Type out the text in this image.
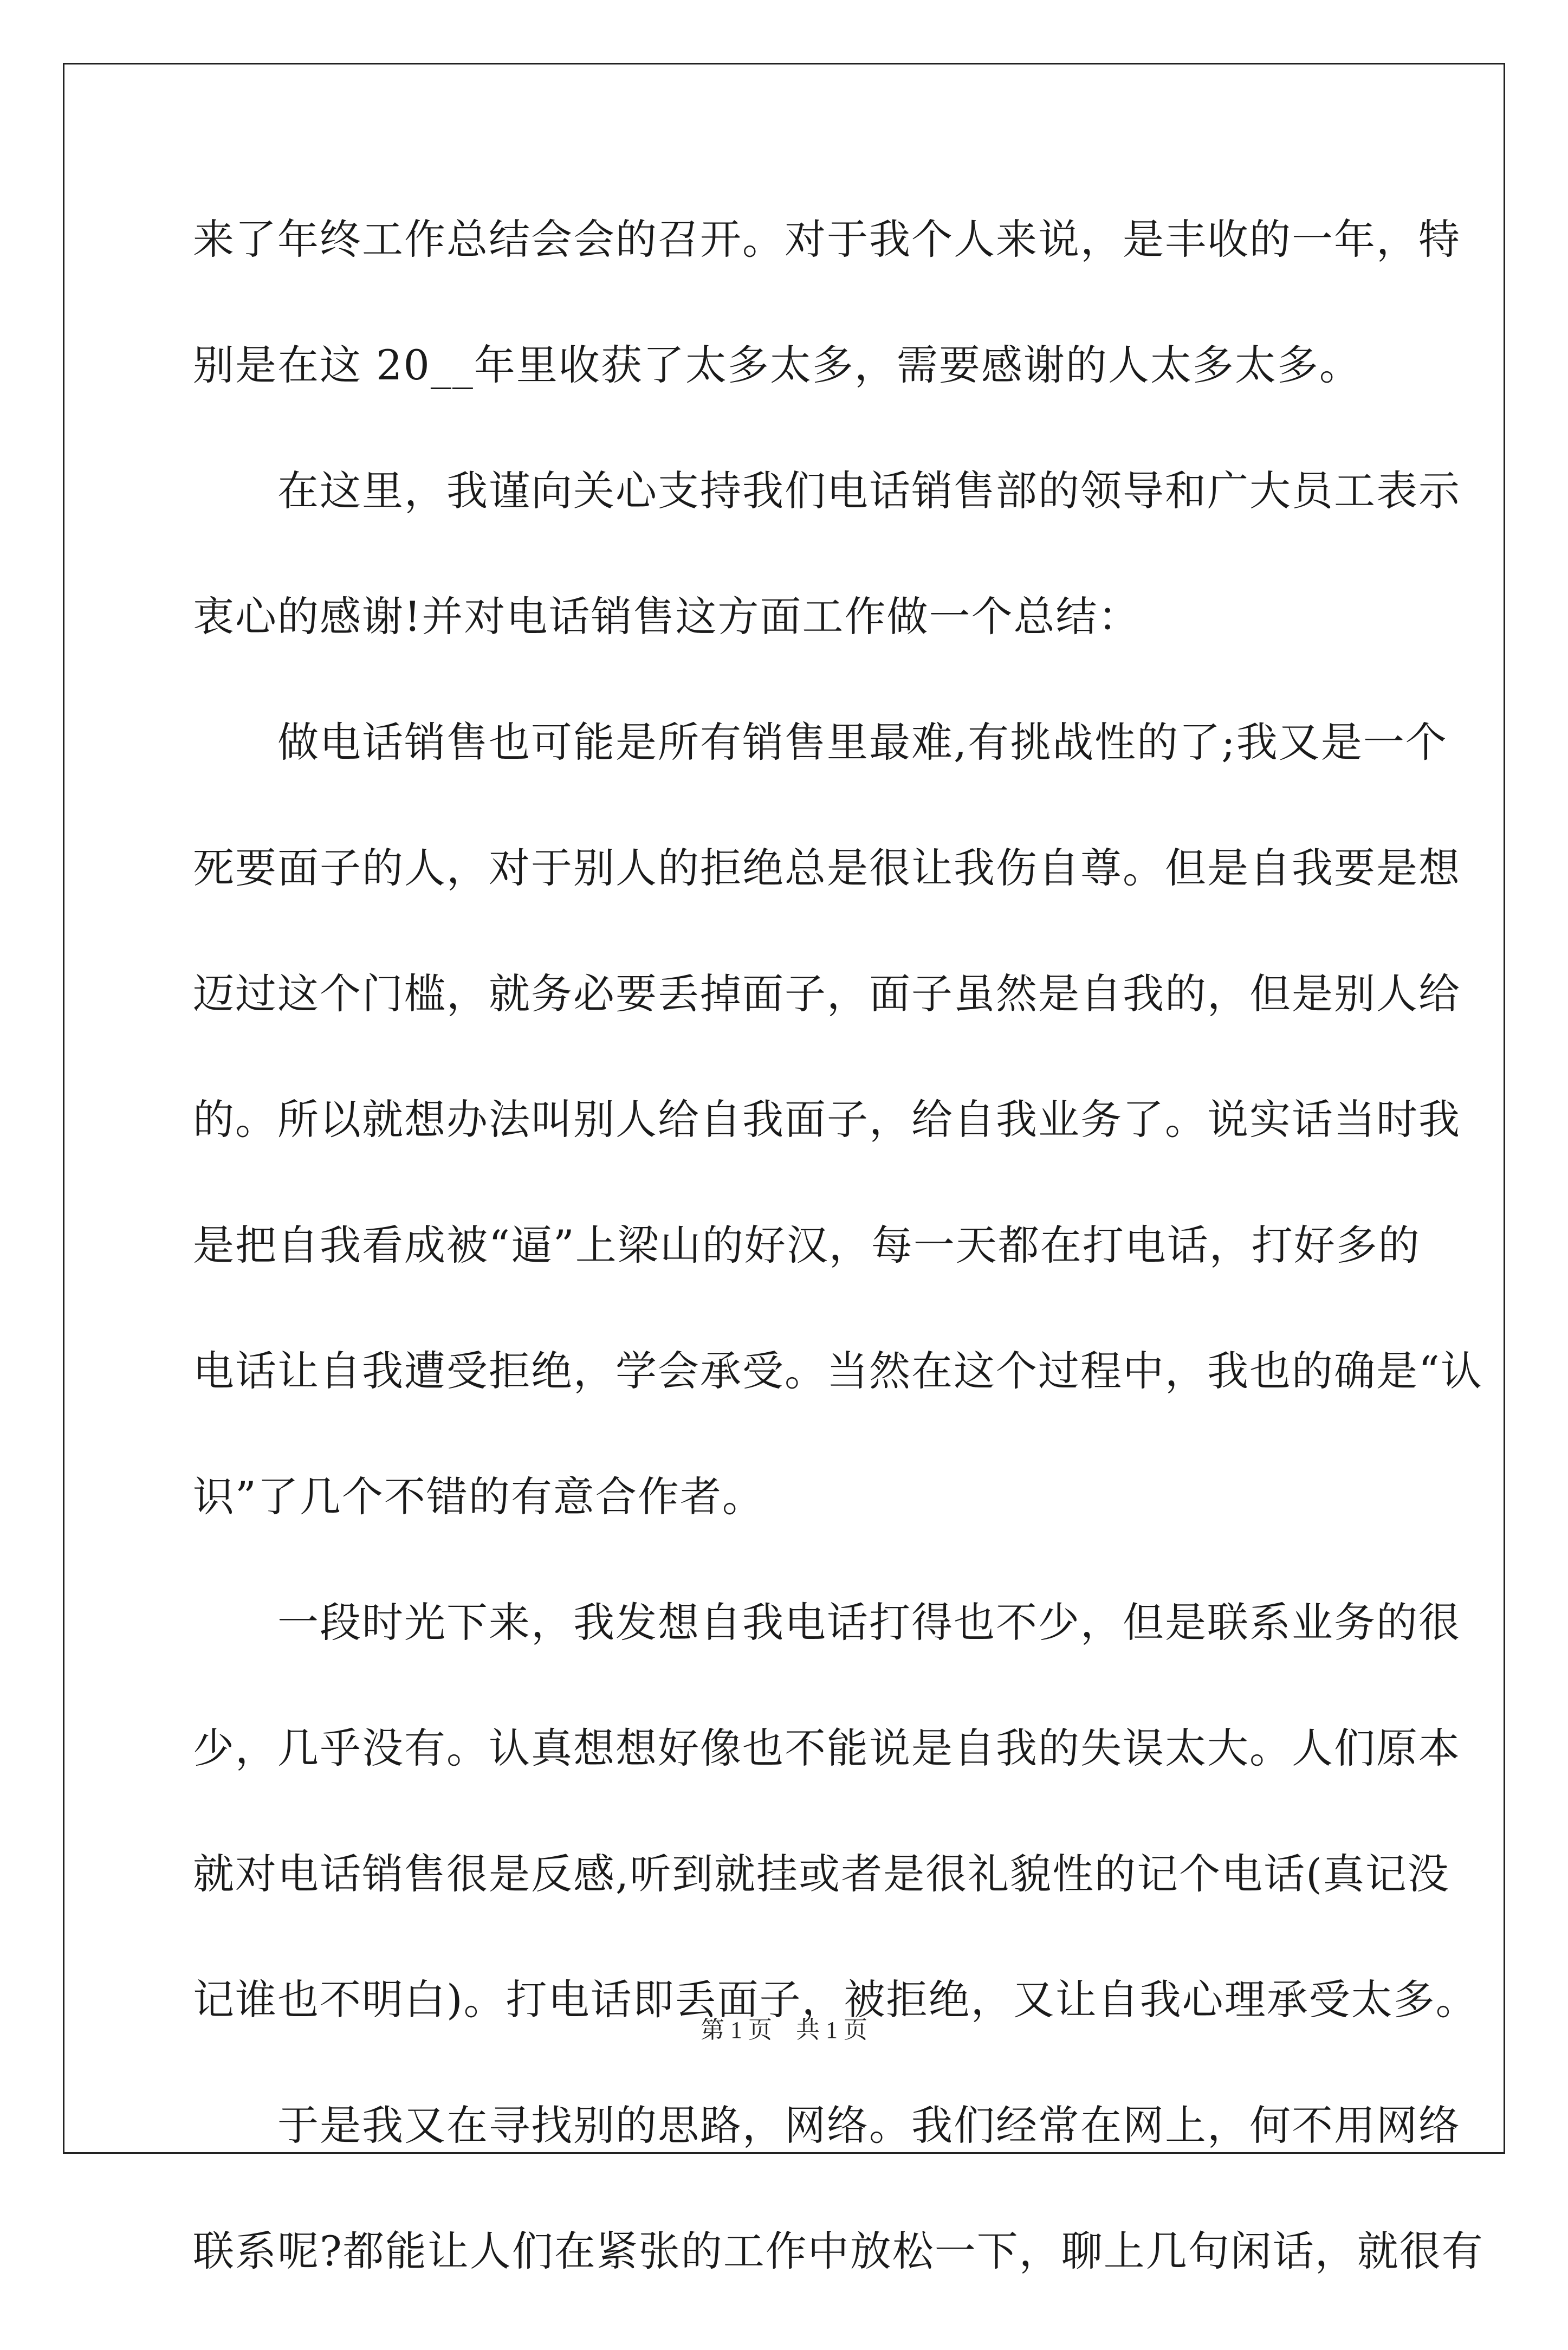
来了年终工作总结会会的召开。对于我个人来说，是丰收的一年，特
别是在这 20__年里收获了太多太多，需要感谢的人太多太多。
　　在这里，我谨向关心支持我们电话销售部的领导和广大员工表示
衷心的感谢!并对电话销售这方面工作做一个总结：
　　做电话销售也可能是所有销售里最难,有挑战性的了;我又是一个
死要面子的人，对于别人的拒绝总是很让我伤自尊。但是自我要是想
迈过这个门槛，就务必要丢掉面子，面子虽然是自我的，但是别人给
的。所以就想办法叫别人给自我面子，给自我业务了。说实话当时我
是把自我看成被“逼”上梁山的好汉，每一天都在打电话，打好多的
电话让自我遭受拒绝，学会承受。当然在这个过程中，我也的确是“认
识”了几个不错的有意合作者。
　　一段时光下来，我发想自我电话打得也不少，但是联系业务的很
少，几乎没有。认真想想好像也不能说是自我的失误太大。人们原本
就对电话销售很是反感,听到就挂或者是很礼貌性的记个电话(真记没
记谁也不明白)。打电话即丢面子，被拒绝，又让自我心理承受太多。
　　于是我又在寻找别的思路，网络。我们经常在网上，何不用网络
联系呢?都能让人们在紧张的工作中放松一下，聊上几句闲话，就很有
第 1 页　共 1 页
